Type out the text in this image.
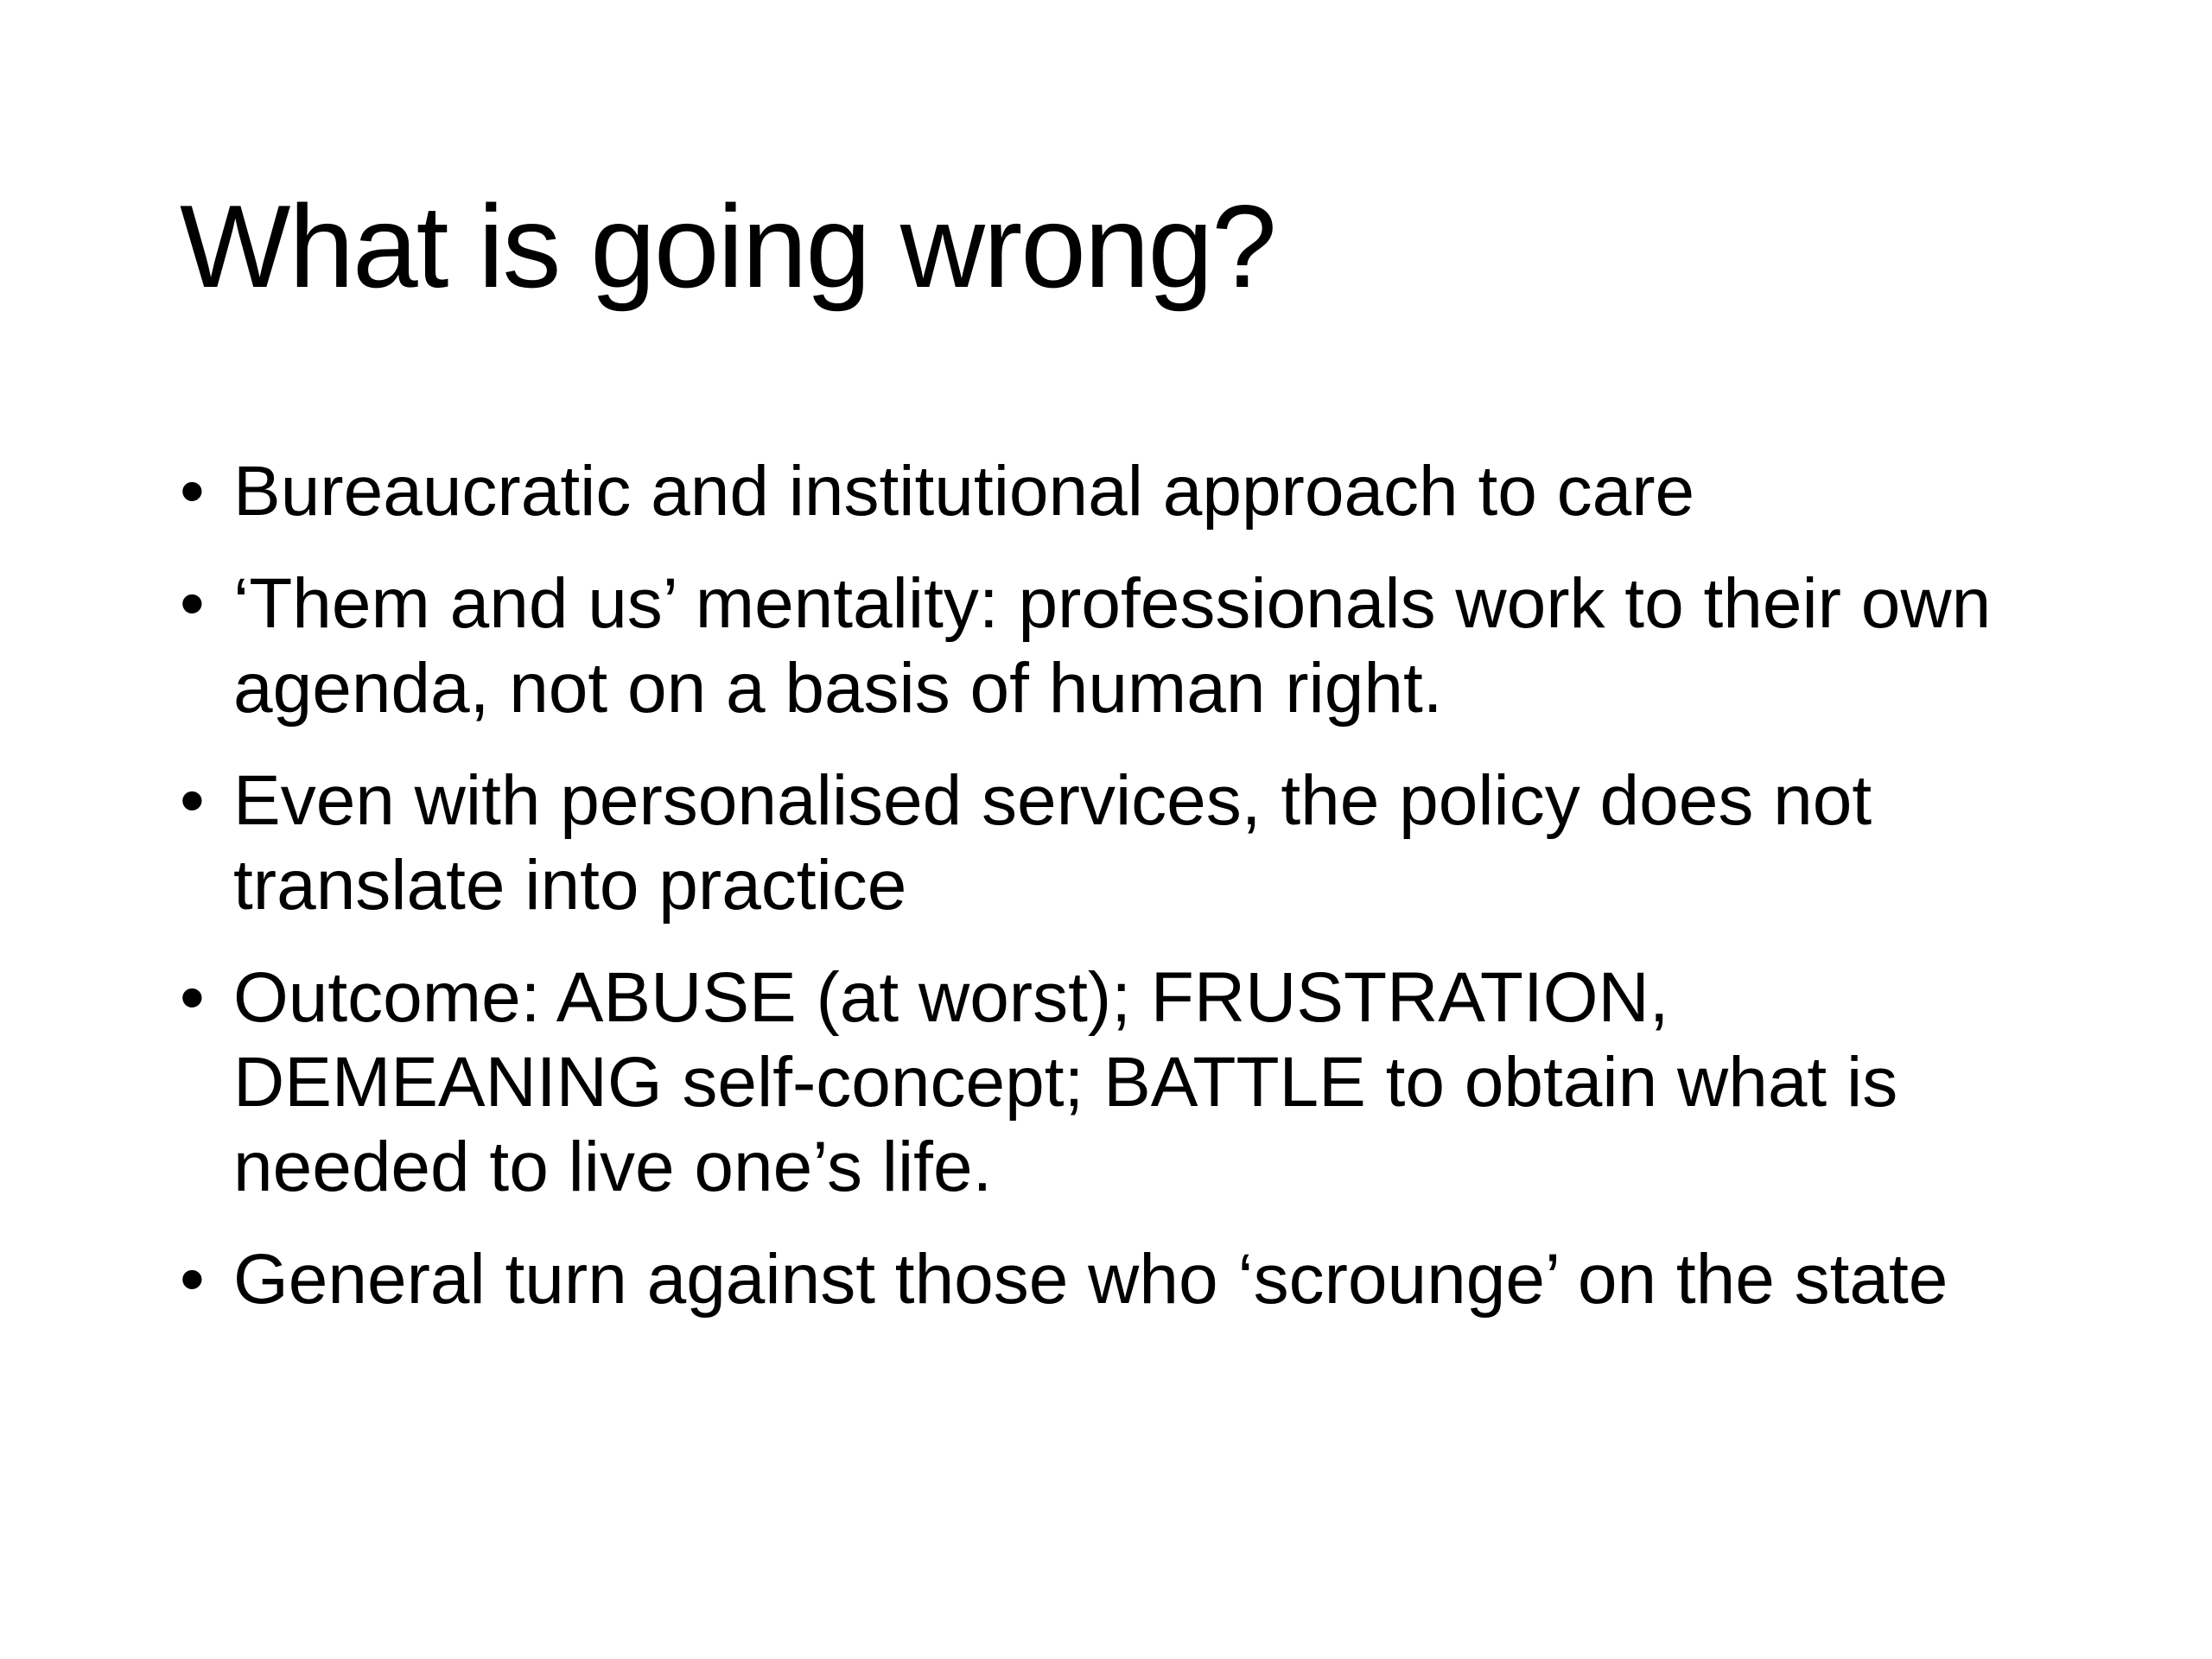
What is going wrong?
• Bureaucratic and institutional approach to care
• ‘Them and us’ mentality: professionals work to their own agenda, not on a basis of human right.
• Even with personalised services, the policy does not translate into practice
• Outcome: ABUSE (at worst); FRUSTRATION, DEMEANING self-concept; BATTLE to obtain what is needed to live one’s life.
• General turn against those who ‘scrounge’ on the state
